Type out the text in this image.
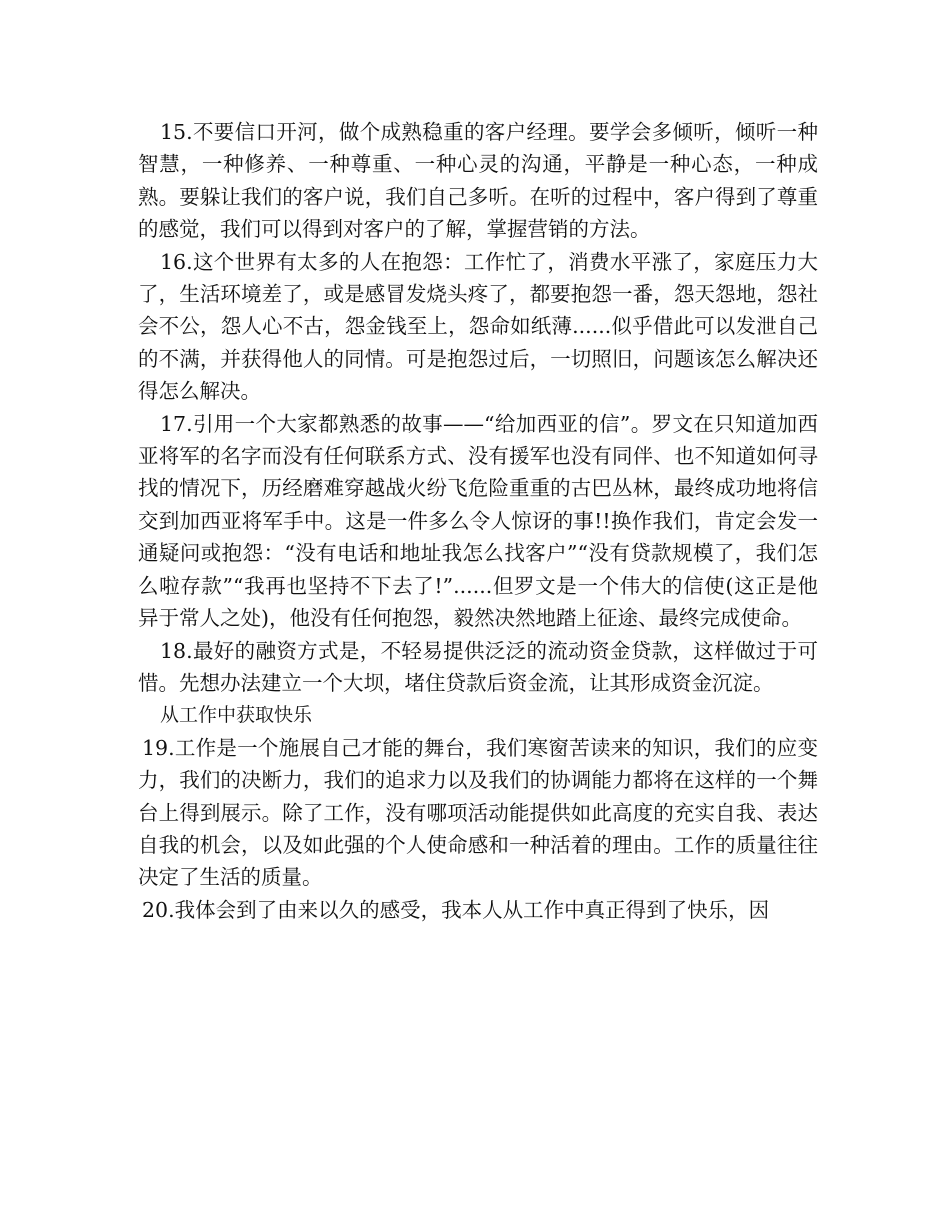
15.不要信口开河，做个成熟稳重的客户经理。要学会多倾听，倾听一种智慧，一种修养、一种尊重、一种心灵的沟通，平静是一种心态，一种成熟。要躲让我们的客户说，我们自己多听。在听的过程中，客户得到了尊重的感觉，我们可以得到对客户的了解，掌握营销的方法。

16.这个世界有太多的人在抱怨：工作忙了，消费水平涨了，家庭压力大了，生活环境差了，或是感冒发烧头疼了，都要抱怨一番，怨天怨地，怨社会不公，怨人心不古，怨金钱至上，怨命如纸薄......似乎借此可以发泄自己的不满，并获得他人的同情。可是抱怨过后，一切照旧，问题该怎么解决还得怎么解决。

17.引用一个大家都熟悉的故事——“给加西亚的信”。罗文在只知道加西亚将军的名字而没有任何联系方式、没有援军也没有同伴、也不知道如何寻找的情况下，历经磨难穿越战火纷飞危险重重的古巴丛林，最终成功地将信交到加西亚将军手中。这是一件多么令人惊讶的事!!换作我们，肯定会发一通疑问或抱怨：“没有电话和地址我怎么找客户”“没有贷款规模了，我们怎么啦存款”“我再也坚持不下去了!”......但罗文是一个伟大的信使(这正是他异于常人之处)，他没有任何抱怨，毅然决然地踏上征途、最终完成使命。

18.最好的融资方式是，不轻易提供泛泛的流动资金贷款，这样做过于可惜。先想办法建立一个大坝，堵住贷款后资金流，让其形成资金沉淀。

从工作中获取快乐

19.工作是一个施展自己才能的舞台，我们寒窗苦读来的知识，我们的应变力，我们的决断力，我们的追求力以及我们的协调能力都将在这样的一个舞台上得到展示。除了工作，没有哪项活动能提供如此高度的充实自我、表达自我的机会，以及如此强的个人使命感和一种活着的理由。工作的质量往往决定了生活的质量。

20.我体会到了由来以久的感受，我本人从工作中真正得到了快乐，因
